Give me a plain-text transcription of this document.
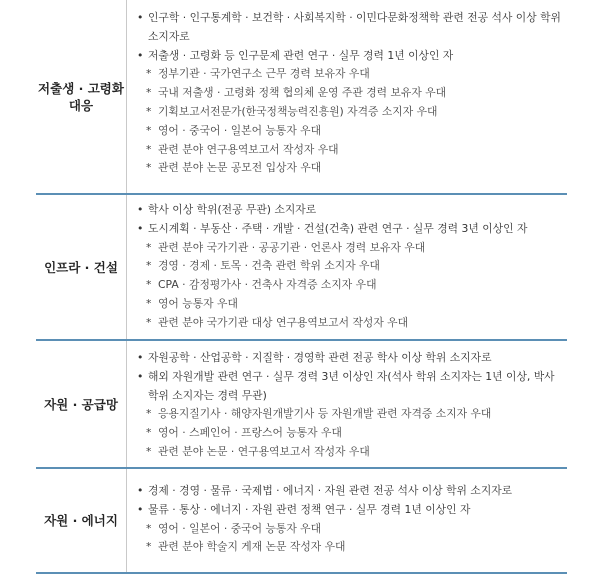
저출생 · 고령화
대응
• 인구학 · 인구통계학 · 보건학 · 사회복지학 · 이민다문화정책학 관련 전공 석사 이상 학위
소지자로
• 저출생 · 고령화 등 인구문제 관련 연구 · 실무 경력 1년 이상인 자
* 정부기관 · 국가연구소 근무 경력 보유자 우대
* 국내 저출생 · 고령화 정책 협의체 운영 주관 경력 보유자 우대
* 기획보고서전문가(한국정책능력진흥원) 자격증 소지자 우대
* 영어 · 중국어 · 일본어 능통자 우대
* 관련 분야 연구용역보고서 작성자 우대
* 관련 분야 논문 공모전 입상자 우대
인프라 · 건설
• 학사 이상 학위(전공 무관) 소지자로
• 도시계획 · 부동산 · 주택 · 개발 · 건설(건축) 관련 연구 · 실무 경력 3년 이상인 자
* 관련 분야 국가기관 · 공공기관 · 언론사 경력 보유자 우대
* 경영 · 경제 · 토목 · 건축 관련 학위 소지자 우대
* CPA · 감정평가사 · 건축사 자격증 소지자 우대
* 영어 능통자 우대
* 관련 분야 국가기관 대상 연구용역보고서 작성자 우대
자원 · 공급망
• 자원공학 · 산업공학 · 지질학 · 경영학 관련 전공 학사 이상 학위 소지자로
• 해외 자원개발 관련 연구 · 실무 경력 3년 이상인 자(석사 학위 소지자는 1년 이상, 박사
학위 소지자는 경력 무관)
* 응용지질기사 · 해양자원개발기사 등 자원개발 관련 자격증 소지자 우대
* 영어 · 스페인어 · 프랑스어 능통자 우대
* 관련 분야 논문 · 연구용역보고서 작성자 우대
자원 · 에너지
• 경제 · 경영 · 물류 · 국제법 · 에너지 · 자원 관련 전공 석사 이상 학위 소지자로
• 물류 · 통상 · 에너지 · 자원 관련 정책 연구 · 실무 경력 1년 이상인 자
* 영어 · 일본어 · 중국어 능통자 우대
* 관련 분야 학술지 게재 논문 작성자 우대
